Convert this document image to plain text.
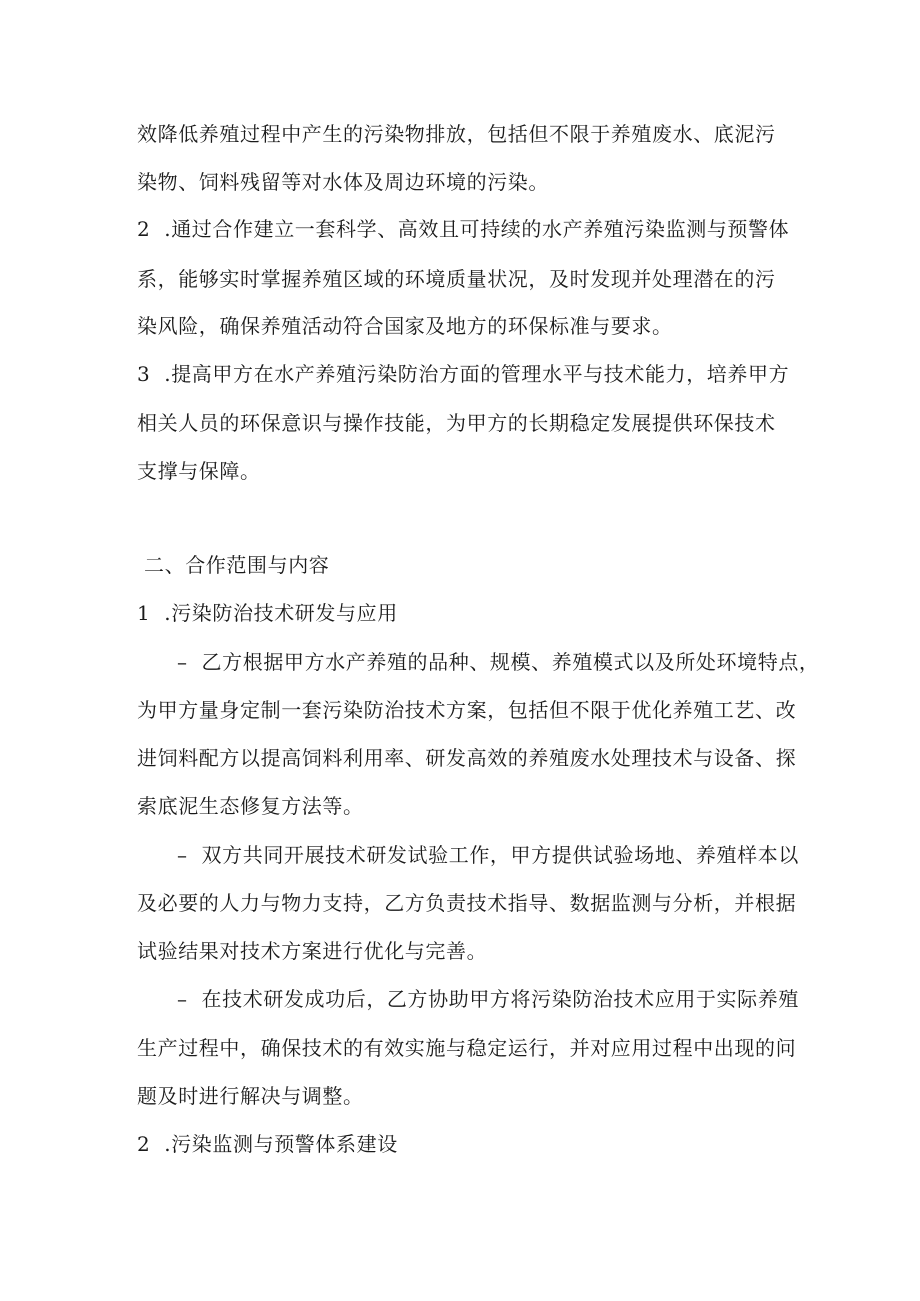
效降低养殖过程中产生的污染物排放，包括但不限于养殖废水、底泥污
染物、饲料残留等对水体及周边环境的污染。
2  .通过合作建立一套科学、高效且可持续的水产养殖污染监测与预警体
系，能够实时掌握养殖区域的环境质量状况，及时发现并处理潜在的污
染风险，确保养殖活动符合国家及地方的环保标准与要求。
3  .提高甲方在水产养殖污染防治方面的管理水平与技术能力，培养甲方
相关人员的环保意识与操作技能，为甲方的长期稳定发展提供环保技术
支撑与保障。
二、合作范围与内容
1  .污染防治技术研发与应用
–  乙方根据甲方水产养殖的品种、规模、养殖模式以及所处环境特点，
为甲方量身定制一套污染防治技术方案，包括但不限于优化养殖工艺、改
进饲料配方以提高饲料利用率、研发高效的养殖废水处理技术与设备、探
索底泥生态修复方法等。
–  双方共同开展技术研发试验工作，甲方提供试验场地、养殖样本以
及必要的人力与物力支持，乙方负责技术指导、数据监测与分析，并根据
试验结果对技术方案进行优化与完善。
–  在技术研发成功后，乙方协助甲方将污染防治技术应用于实际养殖
生产过程中，确保技术的有效实施与稳定运行，并对应用过程中出现的问
题及时进行解决与调整。
2  .污染监测与预警体系建设
